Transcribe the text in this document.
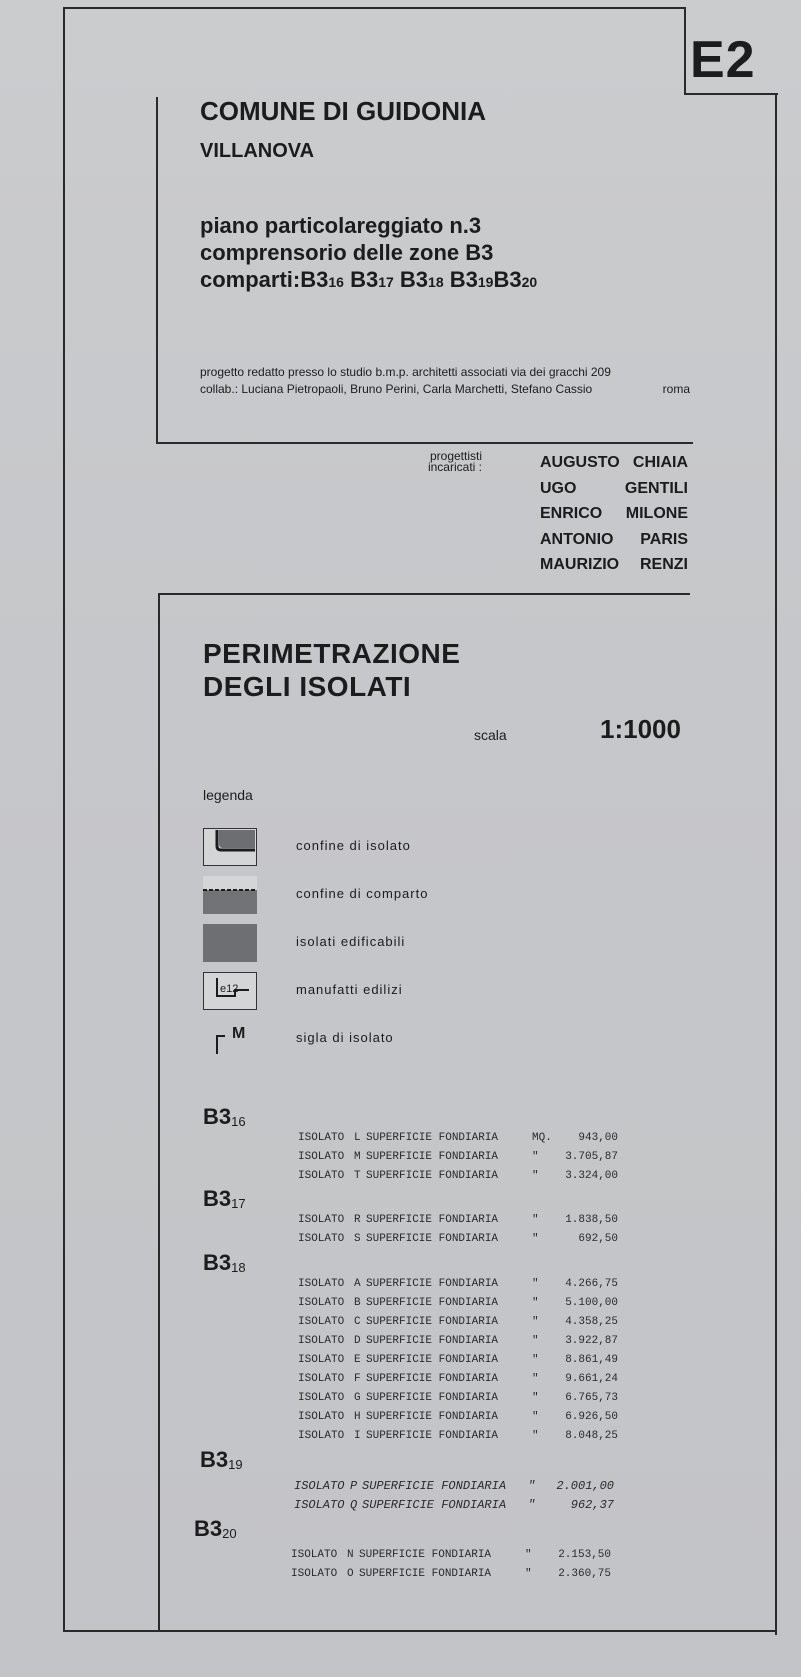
E2
COMUNE DI GUIDONIA
VILLANOVA
piano particolareggiato n.3
comprensorio delle zone B3
comparti:B316 B317 B318 B319B320
progetto redatto presso lo studio b.m.p. architetti associati via dei gracchi 209
collab.: Luciana Pietropaoli, Bruno Perini, Carla Marchetti, Stefano Cassio	roma
progettisti
incaricati :	AUGUSTO CHIAIA
UGO	GENTILI
ENRICO MILONE
ANTONIO PARIS
MAURIZIO RENZI
PERIMETRAZIONE
DEGLI ISOLATI
scala	1:1000
legenda
confine di isolato
confine di comparto
isolati edificabili
e12	manufatti edilizi
M	sigla di isolato
$B3_{16}$
$B3_{17}$
$B3_{18}$
$B3_{19}$
$B3_{20}$
ISOLATO L SUPERFICIE FONDIARIA	MQ. 943,00
ISOLATO M SUPERFICIE FONDIARIA	" 3.705,87
ISOLATO T SUPERFICIE FONDIARIA	" 3.324,00
ISOLATO R SUPERFICIE FONDIARIA	" 1.838,50
ISOLATO S SUPERFICIE FONDIARIA	"	692,50
ISOLATO A SUPERFICIE FONDIARIA	" 4.266,75
ISOLATO B SUPERFICIE FONDIARIA	" 5.100,00
ISOLATO C SUPERFICIE FONDIARIA	" 4.358,25
ISOLATO D SUPERFICIE FONDIARIA	" 3.922,87
ISOLATO E SUPERFICIE FONDIARIA	" 8.861,49
ISOLATO F SUPERFICIE FONDIARIA	" 9.661,24
ISOLATO G SUPERFICIE FONDIARIA	" 6.765,73
ISOLATO H SUPERFICIE FONDIARIA	" 6.926,50
ISOLATO I SUPERFICIE FONDIARIA	" 8.048,25
ISOLATO P SUPERFICIE FONDIARIA " 2.001,00
ISOLATO Q SUPERFICIE FONDIARIA "	962,37
ISOLATO N SUPERFICIE FONDIARIA	" 2.153,50
ISOLATO O SUPERFICIE FONDIARIA	" 2.360,75
